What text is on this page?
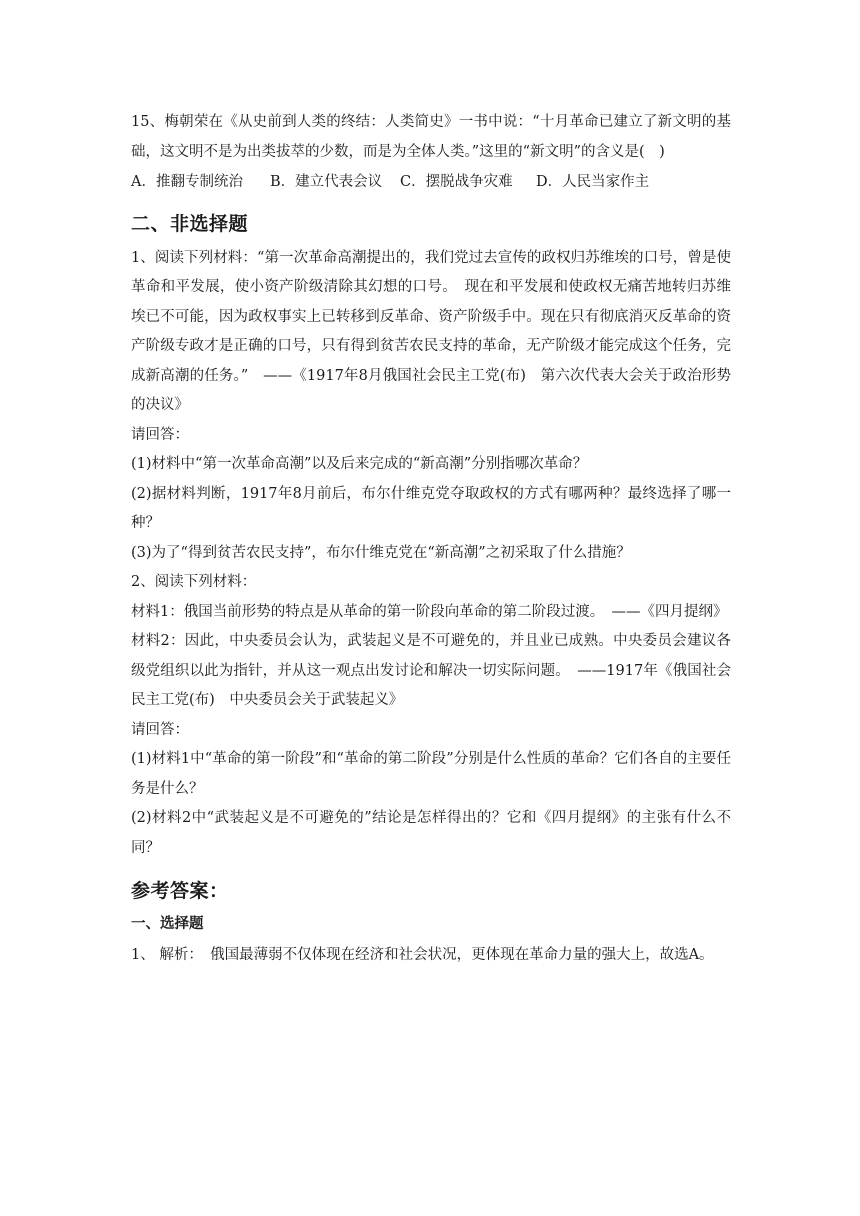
15、梅朝荣在《从史前到人类的终结：人类简史》一书中说：“十月革命已建立了新文明的基础，这文明不是为出类拔萃的少数，而是为全体人类。”这里的“新文明”的含义是(　)

A．推翻专制统治	B．建立代表会议	C．摆脱战争灾难	D．人民当家作主

二、非选择题

1、阅读下列材料：“第一次革命高潮提出的，我们党过去宣传的政权归苏维埃的口号，曾是使革命和平发展，使小资产阶级清除其幻想的口号。　现在和平发展和使政权无痛苦地转归苏维埃已不可能，因为政权事实上已转移到反革命、资产阶级手中。现在只有彻底消灭反革命的资产阶级专政才是正确的口号，只有得到贫苦农民支持的革命，无产阶级才能完成这个任务，完成新高潮的任务。”　——《1917年8月俄国社会民主工党(布)　第六次代表大会关于政治形势的决议》

请回答：

(1)材料中“第一次革命高潮”以及后来完成的“新高潮”分别指哪次革命？

(2)据材料判断，1917年8月前后，布尔什维克党夺取政权的方式有哪两种？最终选择了哪一种？

(3)为了“得到贫苦农民支持”，布尔什维克党在“新高潮”之初采取了什么措施？

2、阅读下列材料：

材料1：俄国当前形势的特点是从革命的第一阶段向革命的第二阶段过渡。　——《四月提纲》

材料2：因此，中央委员会认为，武装起义是不可避免的，并且业已成熟。中央委员会建议各级党组织以此为指针，并从这一观点出发讨论和解决一切实际问题。　——1917年《俄国社会民主工党(布)　中央委员会关于武装起义》

请回答：

(1)材料1中“革命的第一阶段”和“革命的第二阶段”分别是什么性质的革命？它们各自的主要任务是什么？

(2)材料2中“武装起义是不可避免的”结论是怎样得出的？它和《四月提纲》的主张有什么不同？

参考答案：
一、选择题

1、 解析：　俄国最薄弱不仅体现在经济和社会状况，更体现在革命力量的强大上，故选A。
